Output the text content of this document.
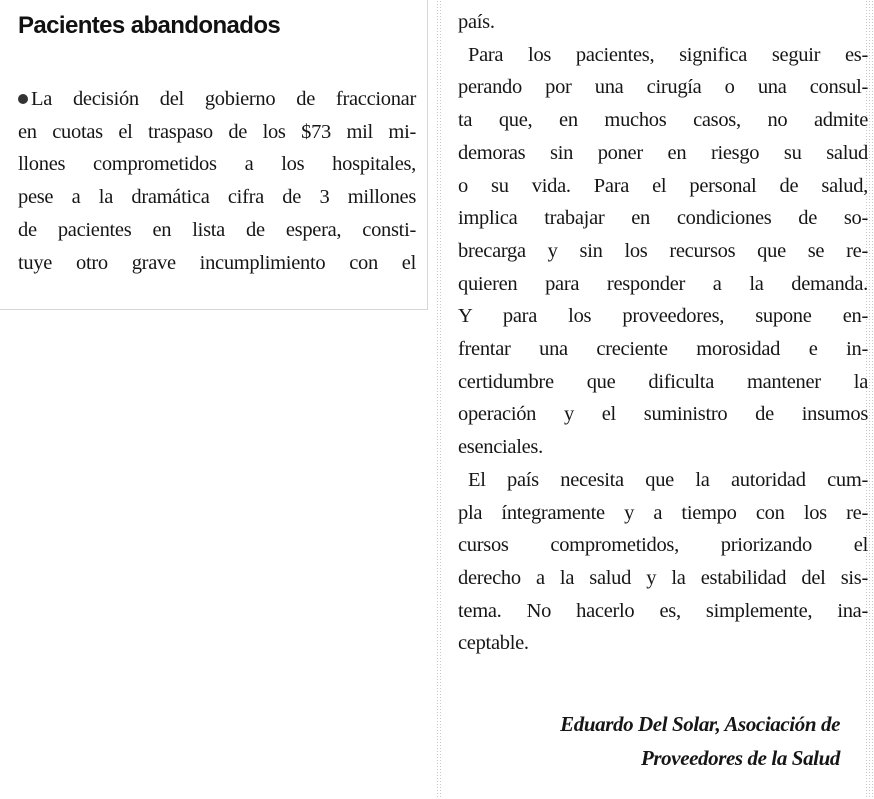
Pacientes abandonados
La decisión del gobierno de fraccionar
en cuotas el traspaso de los $73 mil mi-
llones comprometidos a los hospitales,
pese a la dramática cifra de 3 millones
de pacientes en lista de espera, consti-
tuye otro grave incumplimiento con el
país.
Para los pacientes, significa seguir es-
perando por una cirugía o una consul-
ta que, en muchos casos, no admite
demoras sin poner en riesgo su salud
o su vida. Para el personal de salud,
implica trabajar en condiciones de so-
brecarga y sin los recursos que se re-
quieren para responder a la demanda.
Y para los proveedores, supone en-
frentar una creciente morosidad e in-
certidumbre que dificulta mantener la
operación y el suministro de insumos
esenciales.
El país necesita que la autoridad cum-
pla íntegramente y a tiempo con los re-
cursos comprometidos, priorizando el
derecho a la salud y la estabilidad del sis-
tema. No hacerlo es, simplemente, ina-
ceptable.
Eduardo Del Solar, Asociación de
Proveedores de la Salud
